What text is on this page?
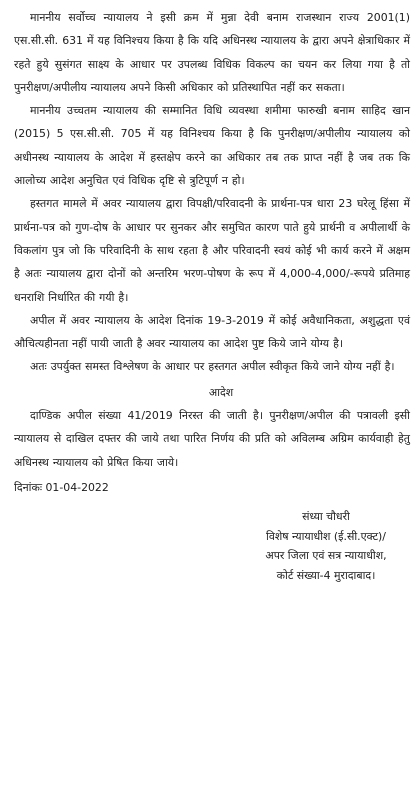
माननीय सर्वोच्च न्यायालय ने इसी क्रम में मुन्ना देवी बनाम राजस्थान राज्य 2001(1) एस.सी.सी. 631 में यह विनिश्चय किया है कि यदि अधिनस्थ न्यायालय के द्वारा अपने क्षेत्राधिकार में रहते हुये सुसंगत साक्ष्य के आधार पर उपलब्ध विधिक विकल्प का चयन कर लिया गया है तो पुनरीक्षण/अपीलीय न्यायालय अपने किसी अधिकार को प्रतिस्थापित नहीं कर सकता।

माननीय उच्चतम न्यायालय की सम्मानित विधि व्यवस्था शमीमा फारुखी बनाम साहिद खान (2015) 5 एस.सी.सी. 705 में यह विनिश्चय किया है कि पुनरीक्षण/अपीलीय न्यायालय को अधीनस्थ न्यायालय के आदेश में हस्तक्षेप करने का अधिकार तब तक प्राप्त नहीं है जब तक कि आलोच्य आदेश अनुचित एवं विधिक दृष्टि से त्रुटिपूर्ण न हो।

हस्तगत मामले में अवर न्यायालय द्वारा विपक्षी/परिवादनी के प्रार्थना-पत्र धारा 23 घरेलू हिंसा में प्रार्थना-पत्र को गुण-दोष के आधार पर सुनकर और समुचित कारण पाते हुये प्रार्थनी व अपीलार्थी के विकलांग पुत्र जो कि परिवादिनी के साथ रहता है और परिवादनी स्वयं कोई भी कार्य करने में अक्षम है अतः न्यायालय द्वारा दोनों को अन्तरिम भरण-पोषण के रूप में 4,000-4,000/-रूपये प्रतिमाह धनराशि निर्धारित की गयी है।

अपील में अवर न्यायालय के आदेश दिनांक 19-3-2019 में कोई अवैधानिकता, अशुद्धता एवं औचित्यहीनता नहीं पायी जाती है अवर न्यायालय का आदेश पुष्ट किये जाने योग्य है।

अतः उपर्युक्त समस्त विश्लेषण के आधार पर हस्तगत अपील स्वीकृत किये जाने योग्य नहीं है।

आदेश

दाण्डिक अपील संख्या 41/2019 निरस्त की जाती है। पुनरीक्षण/अपील की पत्रावली इसी न्यायालय से दाखिल दफ्तर की जाये तथा पारित निर्णय की प्रति को अविलम्ब अग्रिम कार्यवाही हेतु अधिनस्थ न्यायालय को प्रेषित किया जाये।

दिनांकः 01-04-2022

संध्या चौधरी
विशेष न्यायाधीश (ई.सी.एक्ट)/
अपर जिला एवं सत्र न्यायाधीश,
कोर्ट संख्या-4 मुरादाबाद।
